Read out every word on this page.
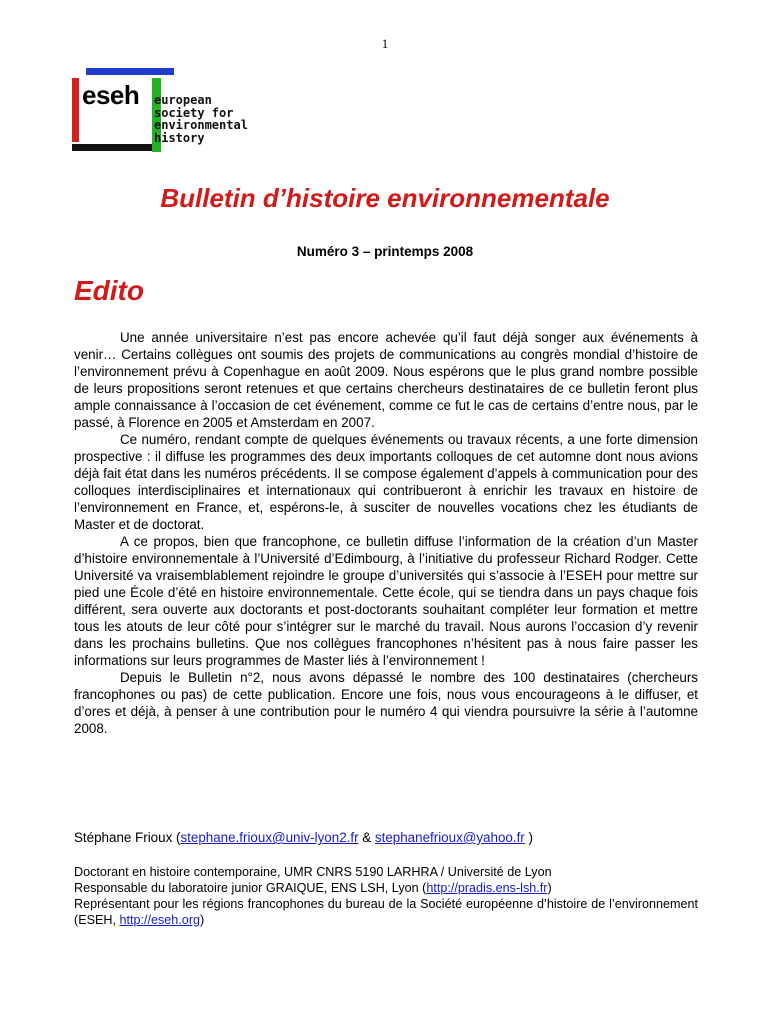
1
eseh european
society for
environmental
history
Bulletin d’histoire environnementale
Numéro 3 – printemps 2008
Edito

Une année universitaire n’est pas encore achevée qu’il faut déjà songer aux événements à venir… Certains collègues ont soumis des projets de communications au congrès mondial d’histoire de l’environnement prévu à Copenhague en août 2009. Nous espérons que le plus grand nombre possible de leurs propositions seront retenues et que certains chercheurs destinataires de ce bulletin feront plus ample connaissance à l’occasion de cet événement, comme ce fut le cas de certains d’entre nous, par le passé, à Florence en 2005 et Amsterdam en 2007.

Ce numéro, rendant compte de quelques événements ou travaux récents, a une forte dimension prospective : il diffuse les programmes des deux importants colloques de cet automne dont nous avions déjà fait état dans les numéros précédents. Il se compose également d’appels à communication pour des colloques interdisciplinaires et internationaux qui contribueront à enrichir les travaux en histoire de l’environnement en France, et, espérons-le, à susciter de nouvelles vocations chez les étudiants de Master et de doctorat.

A ce propos, bien que francophone, ce bulletin diffuse l’information de la création d’un Master d’histoire environnementale à l’Université d’Edimbourg, à l’initiative du professeur Richard Rodger. Cette Université va vraisemblablement rejoindre le groupe d’universités qui s’associe à l’ESEH pour mettre sur pied une École d’été en histoire environnementale. Cette école, qui se tiendra dans un pays chaque fois différent, sera ouverte aux doctorants et post-doctorants souhaitant compléter leur formation et mettre tous les atouts de leur côté pour s’intégrer sur le marché du travail. Nous aurons l’occasion d’y revenir dans les prochains bulletins. Que nos collègues francophones n’hésitent pas à nous faire passer les informations sur leurs programmes de Master liés à l’environnement !

Depuis le Bulletin n°2, nous avons dépassé le nombre des 100 destinataires (chercheurs francophones ou pas) de cette publication. Encore une fois, nous vous encourageons à le diffuser, et d’ores et déjà, à penser à une contribution pour le numéro 4 qui viendra poursuivre la série à l’automne 2008.

Stéphane Frioux (stephane.frioux@univ-lyon2.fr & stephanefrioux@yahoo.fr )
Doctorant en histoire contemporaine, UMR CNRS 5190 LARHRA / Université de Lyon
Responsable du laboratoire junior GRAIQUE, ENS LSH, Lyon (http://pradis.ens-lsh.fr)
Représentant pour les régions francophones du bureau de la Société européenne d’histoire de l’environnement (ESEH, http://eseh.org)
